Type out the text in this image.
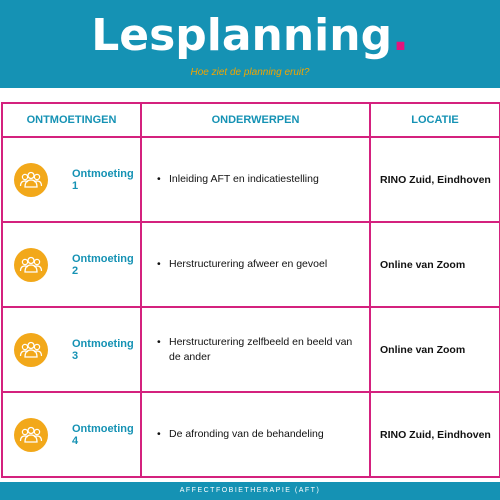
Lesplanning.
Hoe ziet de planning eruit?
ONTMOETINGEN	ONDERWERPEN	LOCATIE

Ontmoeting 1	• Inleiding AFT en indicatiestelling	RINO Zuid, Eindhoven

Ontmoeting 2	• Herstructurering afweer en gevoel	Online van Zoom

Ontmoeting 3	• Herstructurering zelfbeeld en beeld van de ander	Online van Zoom

Ontmoeting 4	• De afronding van de behandeling	RINO Zuid, Eindhoven
AFFECTFOBIETHERAPIE (AFT)
